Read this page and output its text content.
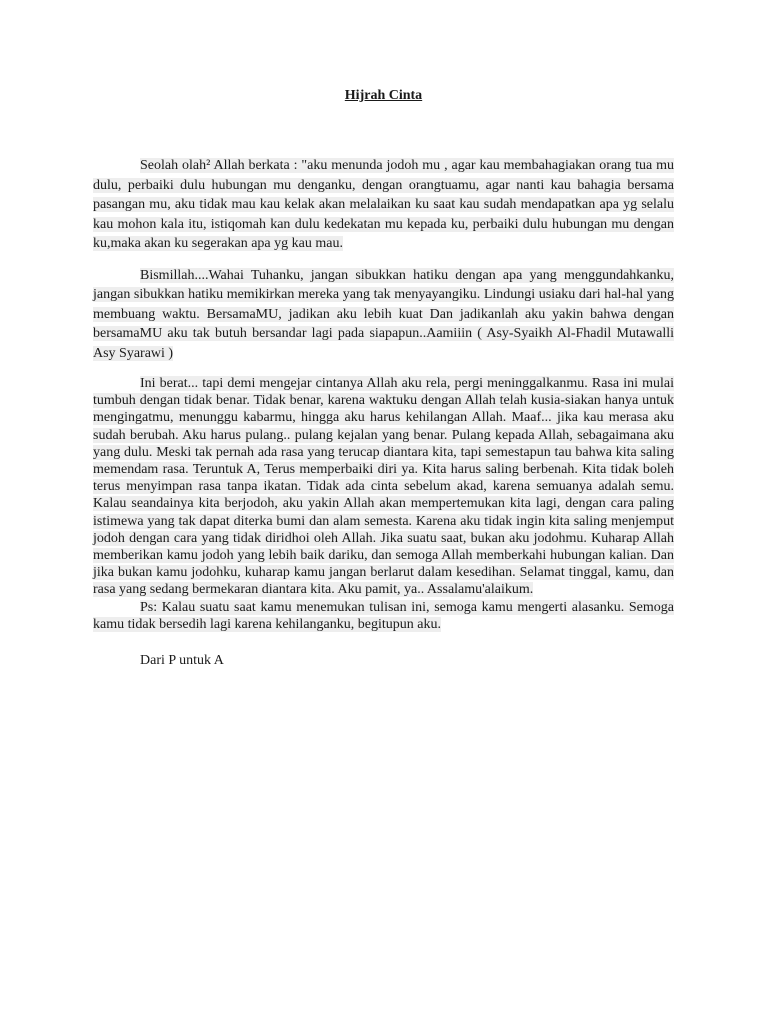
Hijrah Cinta

Seolah olah² Allah berkata : "aku menunda jodoh mu , agar kau membahagiakan orang tua mu dulu, perbaiki dulu hubungan mu denganku, dengan orangtuamu, agar nanti kau bahagia bersama pasangan mu, aku tidak mau kau kelak akan melalaikan ku saat kau sudah mendapatkan apa yg selalu kau mohon kala itu, istiqomah kan dulu kedekatan mu kepada ku, perbaiki dulu hubungan mu dengan ku,maka akan ku segerakan apa yg kau mau.

Bismillah....Wahai Tuhanku, jangan sibukkan hatiku dengan apa yang menggundahkanku, jangan sibukkan hatiku memikirkan mereka yang tak menyayangiku. Lindungi usiaku dari hal-hal yang membuang waktu. BersamaMU, jadikan aku lebih kuat Dan jadikanlah aku yakin bahwa dengan bersamaMU aku tak butuh bersandar lagi pada siapapun..Aamiiin ( Asy-Syaikh Al-Fhadil Mutawalli Asy Syarawi )

Ini berat... tapi demi mengejar cintanya Allah aku rela, pergi meninggalkanmu. Rasa ini mulai tumbuh dengan tidak benar. Tidak benar, karena waktuku dengan Allah telah kusia-siakan hanya untuk mengingatmu, menunggu kabarmu, hingga aku harus kehilangan Allah. Maaf... jika kau merasa aku sudah berubah. Aku harus pulang.. pulang kejalan yang benar. Pulang kepada Allah, sebagaimana aku yang dulu. Meski tak pernah ada rasa yang terucap diantara kita, tapi semestapun tau bahwa kita saling memendam rasa. Teruntuk A, Terus memperbaiki diri ya. Kita harus saling berbenah. Kita tidak boleh terus menyimpan rasa tanpa ikatan. Tidak ada cinta sebelum akad, karena semuanya adalah semu. Kalau seandainya kita berjodoh, aku yakin Allah akan mempertemukan kita lagi, dengan cara paling istimewa yang tak dapat diterka bumi dan alam semesta. Karena aku tidak ingin kita saling menjemput jodoh dengan cara yang tidak diridhoi oleh Allah. Jika suatu saat, bukan aku jodohmu. Kuharap Allah memberikan kamu jodoh yang lebih baik dariku, dan semoga Allah memberkahi hubungan kalian. Dan jika bukan kamu jodohku, kuharap kamu jangan berlarut dalam kesedihan. Selamat tinggal, kamu, dan rasa yang sedang bermekaran diantara kita. Aku pamit, ya.. Assalamu'alaikum.

Ps: Kalau suatu saat kamu menemukan tulisan ini, semoga kamu mengerti alasanku. Semoga kamu tidak bersedih lagi karena kehilanganku, begitupun aku.

Dari P untuk A
